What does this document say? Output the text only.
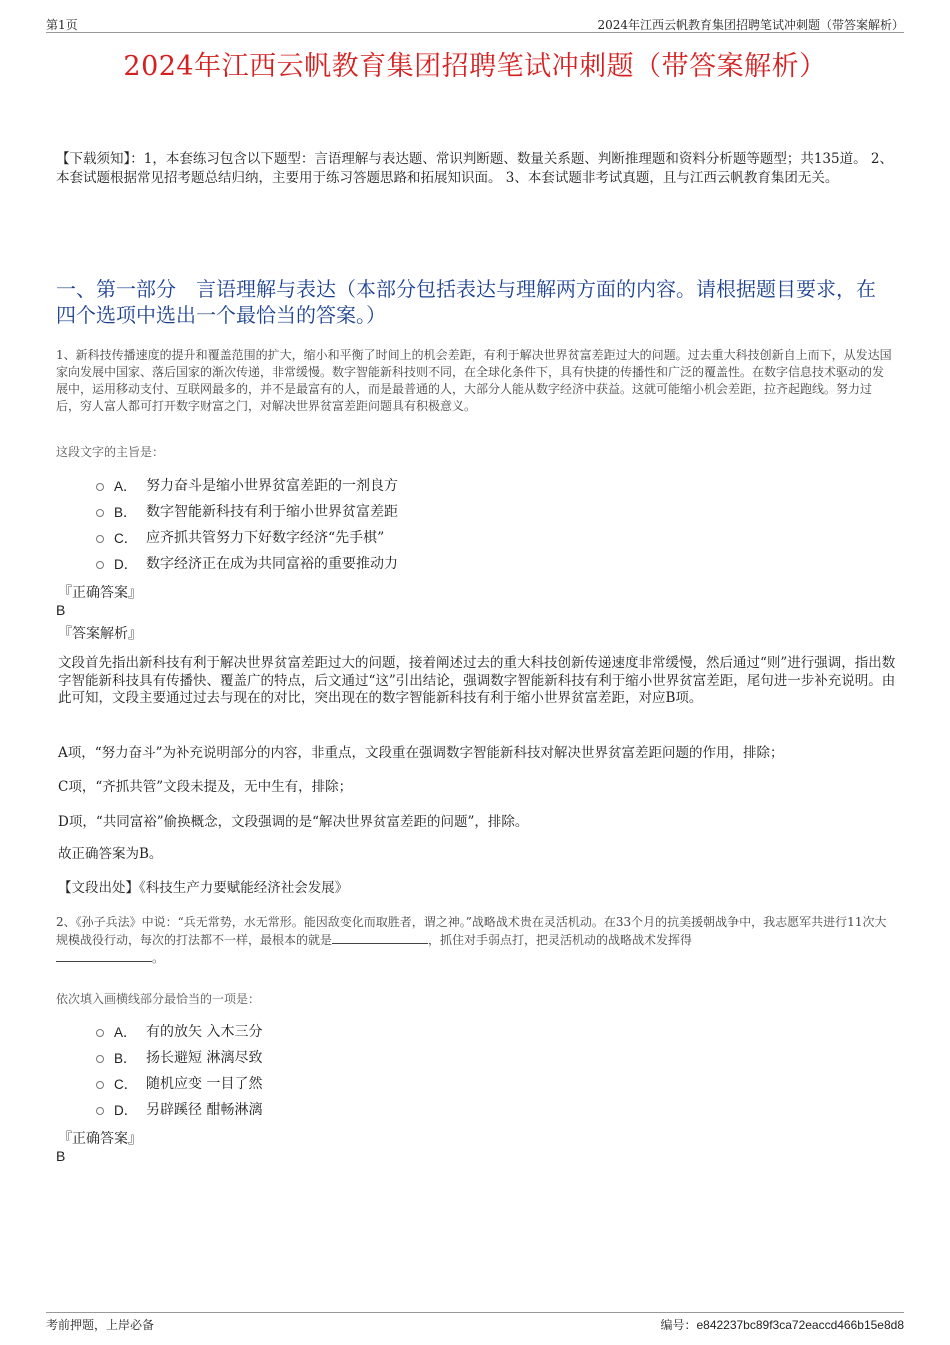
第1页	2024年江西云帆教育集团招聘笔试冲刺题（带答案解析）
2024年江西云帆教育集团招聘笔试冲刺题（带答案解析）
【下载须知】：1，本套练习包含以下题型：言语理解与表达题、常识判断题、数量关系题、判断推理题和资料分析题等题型；共135道。 2、本套试题根据常见招考题总结归纳，主要用于练习答题思路和拓展知识面。 3、本套试题非考试真题，且与江西云帆教育集团无关。
一、第一部分　言语理解与表达（本部分包括表达与理解两方面的内容。请根据题目要求，在四个选项中选出一个最恰当的答案。）
1、新科技传播速度的提升和覆盖范围的扩大，缩小和平衡了时间上的机会差距，有利于解决世界贫富差距过大的问题。过去重大科技创新自上而下，从发达国家向发展中国家、落后国家的渐次传递，非常缓慢。数字智能新科技则不同，在全球化条件下，具有快捷的传播性和广泛的覆盖性。在数字信息技术驱动的发展中，运用移动支付、互联网最多的，并不是最富有的人，而是最普通的人，大部分人能从数字经济中获益。这就可能缩小机会差距，拉齐起跑线。努力过后，穷人富人都可打开数字财富之门，对解决世界贫富差距问题具有积极意义。
这段文字的主旨是：
A． 努力奋斗是缩小世界贫富差距的一剂良方
B． 数字智能新科技有利于缩小世界贫富差距
C． 应齐抓共管努力下好数字经济“先手棋”
D． 数字经济正在成为共同富裕的重要推动力
『正确答案』
B
『答案解析』
文段首先指出新科技有利于解决世界贫富差距过大的问题，接着阐述过去的重大科技创新传递速度非常缓慢，然后通过“则”进行强调，指出数字智能新科技具有传播快、覆盖广的特点，后文通过“这”引出结论，强调数字智能新科技有利于缩小世界贫富差距，尾句进一步补充说明。由此可知，文段主要通过过去与现在的对比，突出现在的数字智能新科技有利于缩小世界贫富差距，对应B项。
A项，“努力奋斗”为补充说明部分的内容，非重点，文段重在强调数字智能新科技对解决世界贫富差距问题的作用，排除；
C项，“齐抓共管”文段未提及，无中生有，排除；
D项，“共同富裕”偷换概念，文段强调的是“解决世界贫富差距的问题”，排除。
故正确答案为B。
【文段出处】《科技生产力要赋能经济社会发展》
2、《孙子兵法》中说：“兵无常势，水无常形。能因敌变化而取胜者，谓之神。”战略战术贵在灵活机动。在33个月的抗美援朝战争中，我志愿军共进行11次大规模战役行动，每次的打法都不一样，最根本的就是	，抓住对手弱点打，把灵活机动的战略战术发挥得
。
依次填入画横线部分最恰当的一项是：
A． 有的放矢 入木三分
B． 扬长避短 淋漓尽致
C． 随机应变 一目了然
D． 另辟蹊径 酣畅淋漓
『正确答案』
B
考前押题，上岸必备	编号：e842237bc89f3ca72eaccd466b15e8d8
